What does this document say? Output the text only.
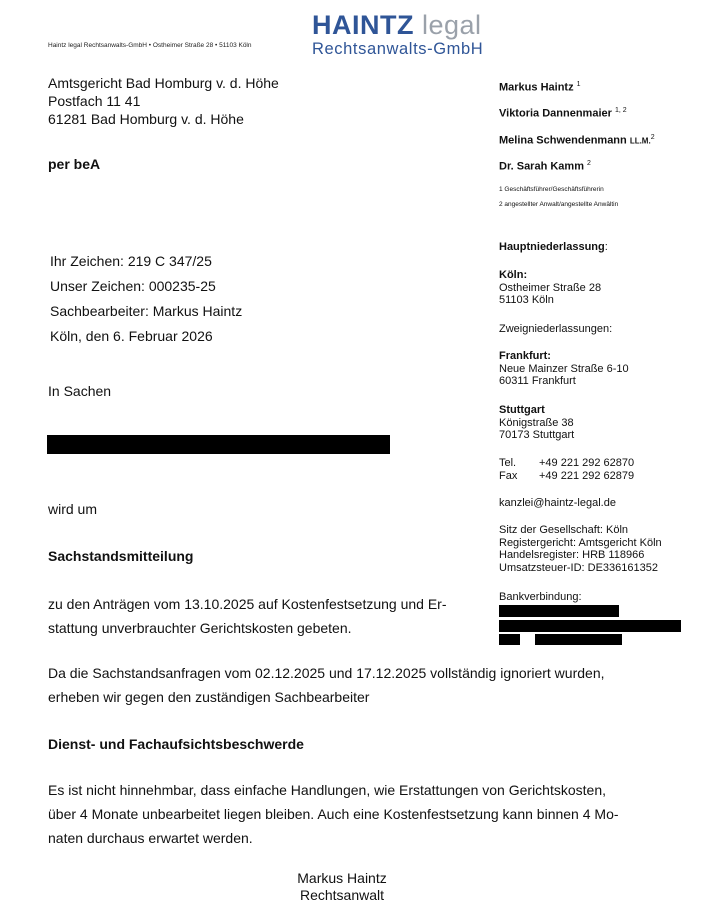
Haintz legal Rechtsanwalts-GmbH • Ostheimer Straße 28 • 51103 Köln
HAINTZ legal
Rechtsanwalts-GmbH
Amtsgericht Bad Homburg v. d. Höhe
Postfach 11 41
61281 Bad Homburg v. d. Höhe
per beA
Ihr Zeichen: 219 C 347/25
Unser Zeichen: 000235-25
Sachbearbeiter: Markus Haintz
Köln, den 6. Februar 2026
In Sachen
wird um
Sachstandsmitteilung
zu den Anträgen vom 13.10.2025 auf Kostenfestsetzung und Er-
stattung unverbrauchter Gerichtskosten gebeten.
Da die Sachstandsanfragen vom 02.12.2025 und 17.12.2025 vollständig ignoriert wurden,
erheben wir gegen den zuständigen Sachbearbeiter
Dienst- und Fachaufsichtsbeschwerde
Es ist nicht hinnehmbar, dass einfache Handlungen, wie Erstattungen von Gerichtskosten,
über 4 Monate unbearbeitet liegen bleiben. Auch eine Kostenfestsetzung kann binnen 4 Mo-
naten durchaus erwartet werden.
Markus Haintz
Rechtsanwalt
Markus Haintz $^1$
Viktoria Dannenmaier $^{1, 2}$
Melina Schwendenmann LL.M.$^2$
Dr. Sarah Kamm $^2$
1 Geschäftsführer/Geschäftsführerin
2 angestellter Anwalt/angestellte Anwältin
Hauptniederlassung:
Köln:
Ostheimer Straße 28
51103 Köln
Zweigniederlassungen:
Frankfurt:
Neue Mainzer Straße 6-10
60311 Frankfurt
Stuttgart
Königstraße 38
70173 Stuttgart
Tel. +49 221 292 62870
Fax +49 221 292 62879
kanzlei@haintz-legal.de
Sitz der Gesellschaft: Köln
Registergericht: Amtsgericht Köln
Handelsregister: HRB 118966
Umsatzsteuer-ID: DE336161352
Bankverbindung:
